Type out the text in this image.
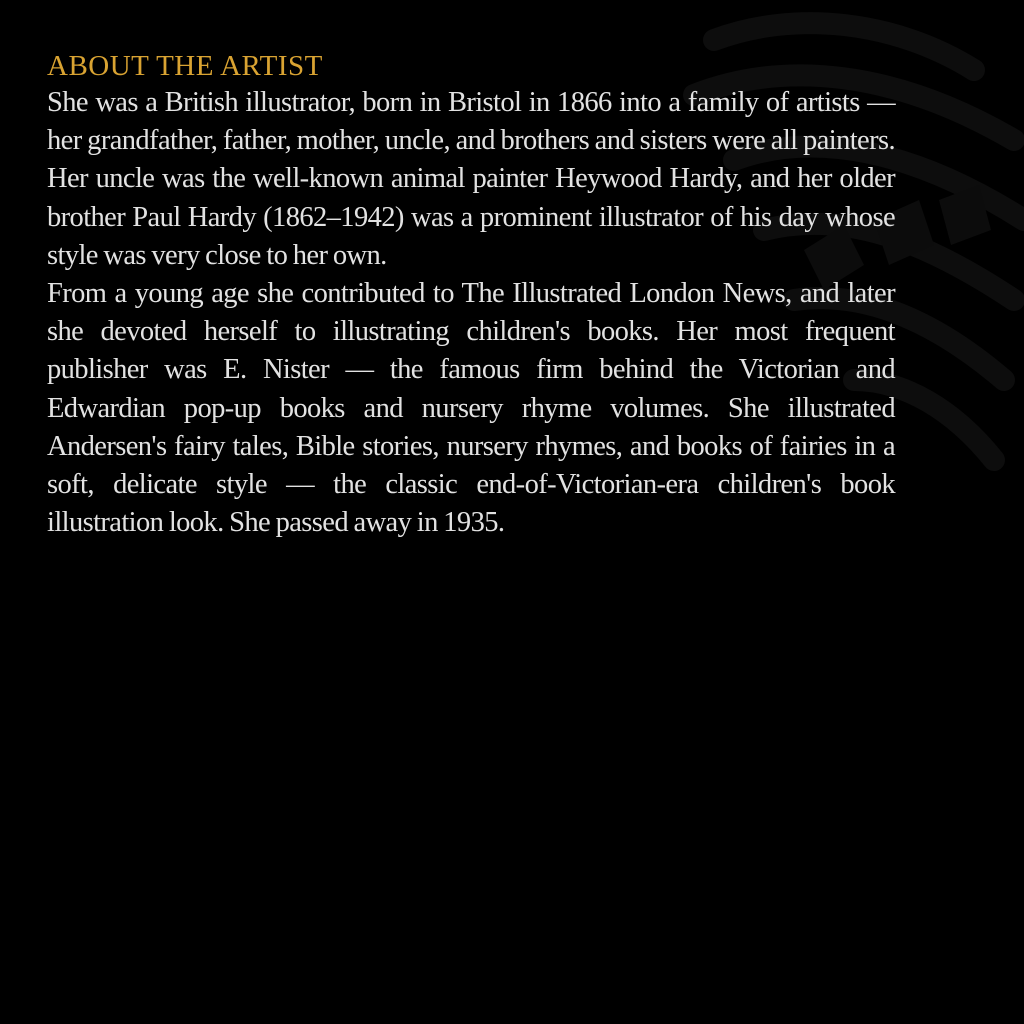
ABOUT THE ARTIST

She was a British illustrator, born in Bristol in 1866 into a family of artists — her grandfather, father, mother, uncle, and brothers and sisters were all painters. Her uncle was the well-known animal painter Heywood Hardy, and her older brother Paul Hardy (1862–1942) was a prominent illustrator of his day whose style was very close to her own.

From a young age she contributed to The Illustrated London News, and later she devoted herself to illustrating children's books. Her most frequent publisher was E. Nister — the famous firm behind the Victorian and Edwardian pop-up books and nursery rhyme volumes. She illustrated Andersen's fairy tales, Bible stories, nursery rhymes, and books of fairies in a soft, delicate style — the classic end-of-Victorian-era children's book illustration look. She passed away in 1935.
